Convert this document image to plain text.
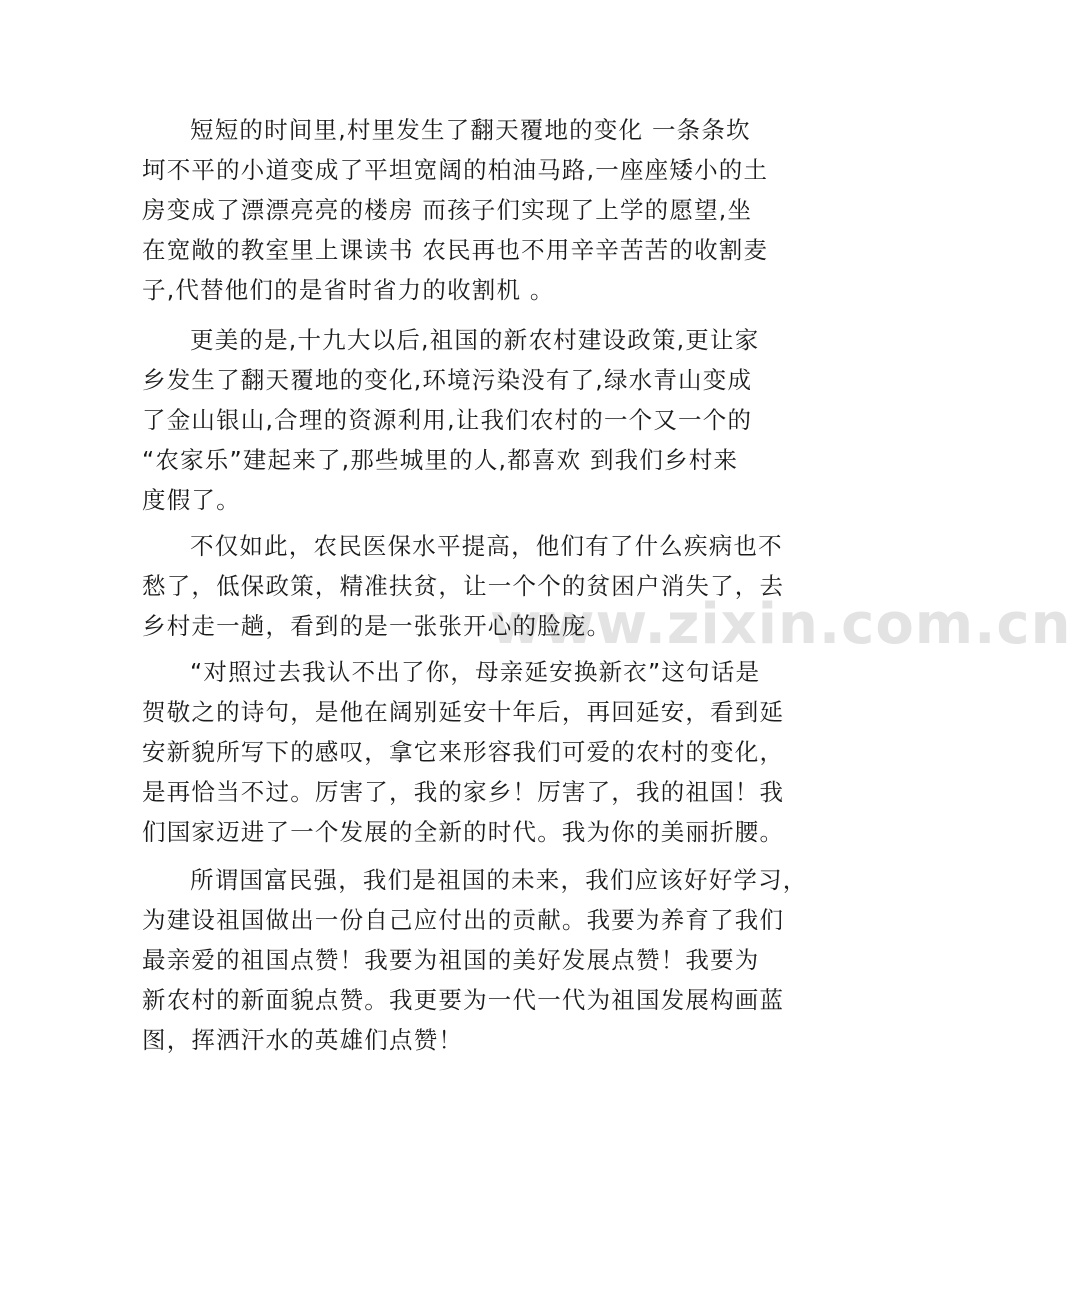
www.zixin.com.cn

短短的时间里,村里发生了翻天覆地的变化 一条条坎
坷不平的小道变成了平坦宽阔的柏油马路,一座座矮小的土
房变成了漂漂亮亮的楼房 而孩子们实现了上学的愿望,坐
在宽敞的教室里上课读书 农民再也不用辛辛苦苦的收割麦
子,代替他们的是省时省力的收割机 。

更美的是,十九大以后,祖国的新农村建设政策,更让家
乡发生了翻天覆地的变化,环境污染没有了,绿水青山变成
了金山银山,合理的资源利用,让我们农村的一个又一个的
“农家乐”建起来了,那些城里的人,都喜欢 到我们乡村来
度假了。

不仅如此，农民医保水平提高，他们有了什么疾病也不
愁了，低保政策，精准扶贫，让一个个的贫困户消失了，去
乡村走一趟，看到的是一张张开心的脸庞。

“对照过去我认不出了你，母亲延安换新衣”这句话是
贺敬之的诗句，是他在阔别延安十年后，再回延安，看到延
安新貌所写下的感叹，拿它来形容我们可爱的农村的变化，
是再恰当不过。厉害了，我的家乡！厉害了，我的祖国！我
们国家迈进了一个发展的全新的时代。我为你的美丽折腰。

所谓国富民强，我们是祖国的未来，我们应该好好学习，
为建设祖国做出一份自己应付出的贡献。我要为养育了我们
最亲爱的祖国点赞！我要为祖国的美好发展点赞！我要为
新农村的新面貌点赞。我更要为一代一代为祖国发展构画蓝
图，挥洒汗水的英雄们点赞！
